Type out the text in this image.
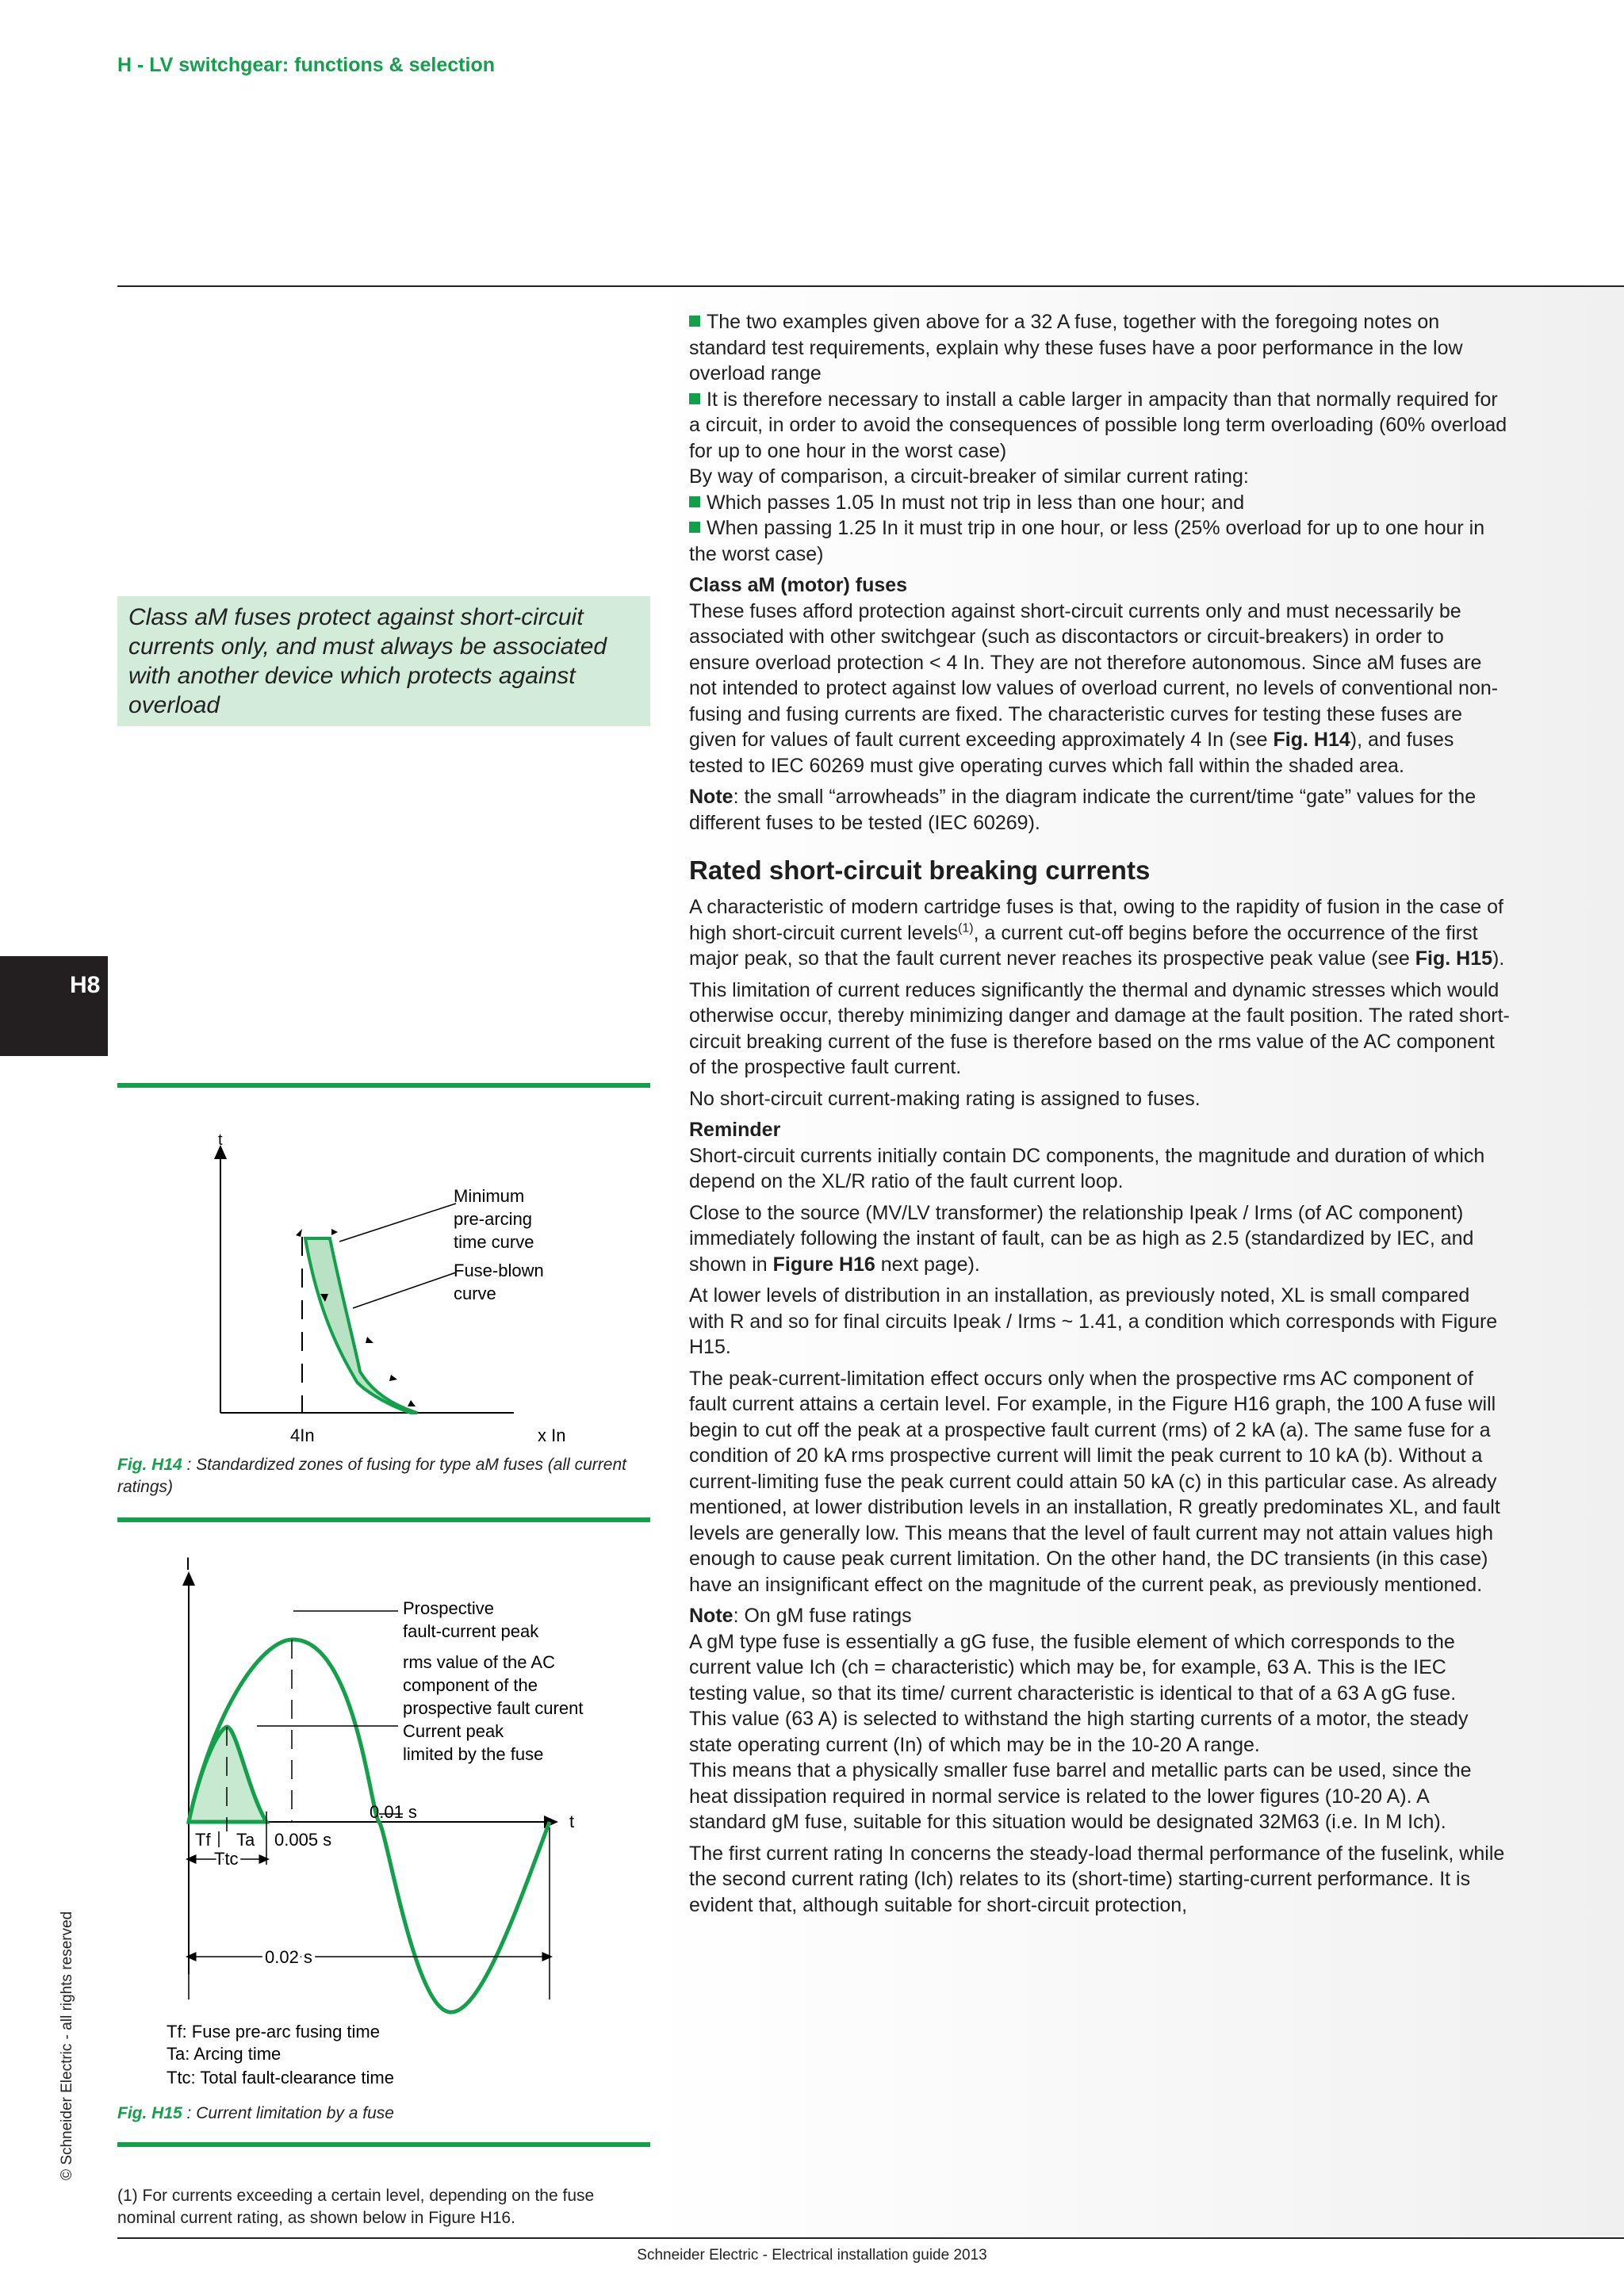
H - LV switchgear: functions & selection
H8
© Schneider Electric - all rights reserved
Class aM fuses protect against short-circuit currents only, and must always be associated with another device which protects against overload
t
4In	x In
Minimum
pre-arcing
time curve
Fuse-blown
curve
Fig. H14 : Standardized zones of fusing for type aM fuses (all current ratings)
I
t
Prospective
fault-current peak
rms value of the AC
component of the
prospective fault curent
Current peak
limited by the fuse
0.01 s
Tf Ta 0.005 s
Ttc
0.02 s
Tf: Fuse pre-arc fusing time
Ta: Arcing time
Ttc: Total fault-clearance time
Fig. H15 : Current limitation by a fuse
(1) For currents exceeding a certain level, depending on the fuse nominal current rating, as shown below in Figure H16.

The two examples given above for a 32 A fuse, together with the foregoing notes on standard test requirements, explain why these fuses have a poor performance in the low overload range

It is therefore necessary to install a cable larger in ampacity than that normally required for a circuit, in order to avoid the consequences of possible long term overloading (60% overload for up to one hour in the worst case)

By way of comparison, a circuit-breaker of similar current rating:

Which passes 1.05 In must not trip in less than one hour; and

When passing 1.25 In it must trip in one hour, or less (25% overload for up to one hour in the worst case)

Class aM (motor) fuses

These fuses afford protection against short-circuit currents only and must necessarily be associated with other switchgear (such as discontactors or circuit-breakers) in order to ensure overload protection < 4 In. They are not therefore autonomous. Since aM fuses are not intended to protect against low values of overload current, no levels of conventional non-fusing and fusing currents are fixed. The characteristic curves for testing these fuses are given for values of fault current exceeding approximately 4 In (see Fig. H14), and fuses tested to IEC 60269 must give operating curves which fall within the shaded area.

Note: the small “arrowheads” in the diagram indicate the current/time “gate” values for the different fuses to be tested (IEC 60269).

Rated short-circuit breaking currents

A characteristic of modern cartridge fuses is that, owing to the rapidity of fusion in the case of high short-circuit current levels$^{(1)}$, a current cut-off begins before the occurrence of the first major peak, so that the fault current never reaches its prospective peak value (see Fig. H15).

This limitation of current reduces significantly the thermal and dynamic stresses which would otherwise occur, thereby minimizing danger and damage at the fault position. The rated short-circuit breaking current of the fuse is therefore based on the rms value of the AC component of the prospective fault current.

No short-circuit current-making rating is assigned to fuses.

Reminder

Short-circuit currents initially contain DC components, the magnitude and duration of which depend on the XL/R ratio of the fault current loop.

Close to the source (MV/LV transformer) the relationship Ipeak / Irms (of AC component) immediately following the instant of fault, can be as high as 2.5 (standardized by IEC, and shown in Figure H16 next page).

At lower levels of distribution in an installation, as previously noted, XL is small compared with R and so for final circuits Ipeak / Irms ~ 1.41, a condition which corresponds with Figure H15.

The peak-current-limitation effect occurs only when the prospective rms AC component of fault current attains a certain level. For example, in the Figure H16 graph, the 100 A fuse will begin to cut off the peak at a prospective fault current (rms) of 2 kA (a). The same fuse for a condition of 20 kA rms prospective current will limit the peak current to 10 kA (b). Without a current-limiting fuse the peak current could attain 50 kA (c) in this particular case. As already mentioned, at lower distribution levels in an installation, R greatly predominates XL, and fault levels are generally low. This means that the level of fault current may not attain values high enough to cause peak current limitation. On the other hand, the DC transients (in this case) have an insignificant effect on the magnitude of the current peak, as previously mentioned.

Note: On gM fuse ratings

A gM type fuse is essentially a gG fuse, the fusible element of which corresponds to the current value Ich (ch = characteristic) which may be, for example, 63 A. This is the IEC testing value, so that its time/ current characteristic is identical to that of a 63 A gG fuse.

This value (63 A) is selected to withstand the high starting currents of a motor, the steady state operating current (In) of which may be in the 10-20 A range.

This means that a physically smaller fuse barrel and metallic parts can be used, since the heat dissipation required in normal service is related to the lower figures (10-20 A). A standard gM fuse, suitable for this situation would be designated 32M63 (i.e. In M Ich).

The first current rating In concerns the steady-load thermal performance of the fuselink, while the second current rating (Ich) relates to its (short-time) starting-current performance. It is evident that, although suitable for short-circuit protection,

Schneider Electric - Electrical installation guide 2013
